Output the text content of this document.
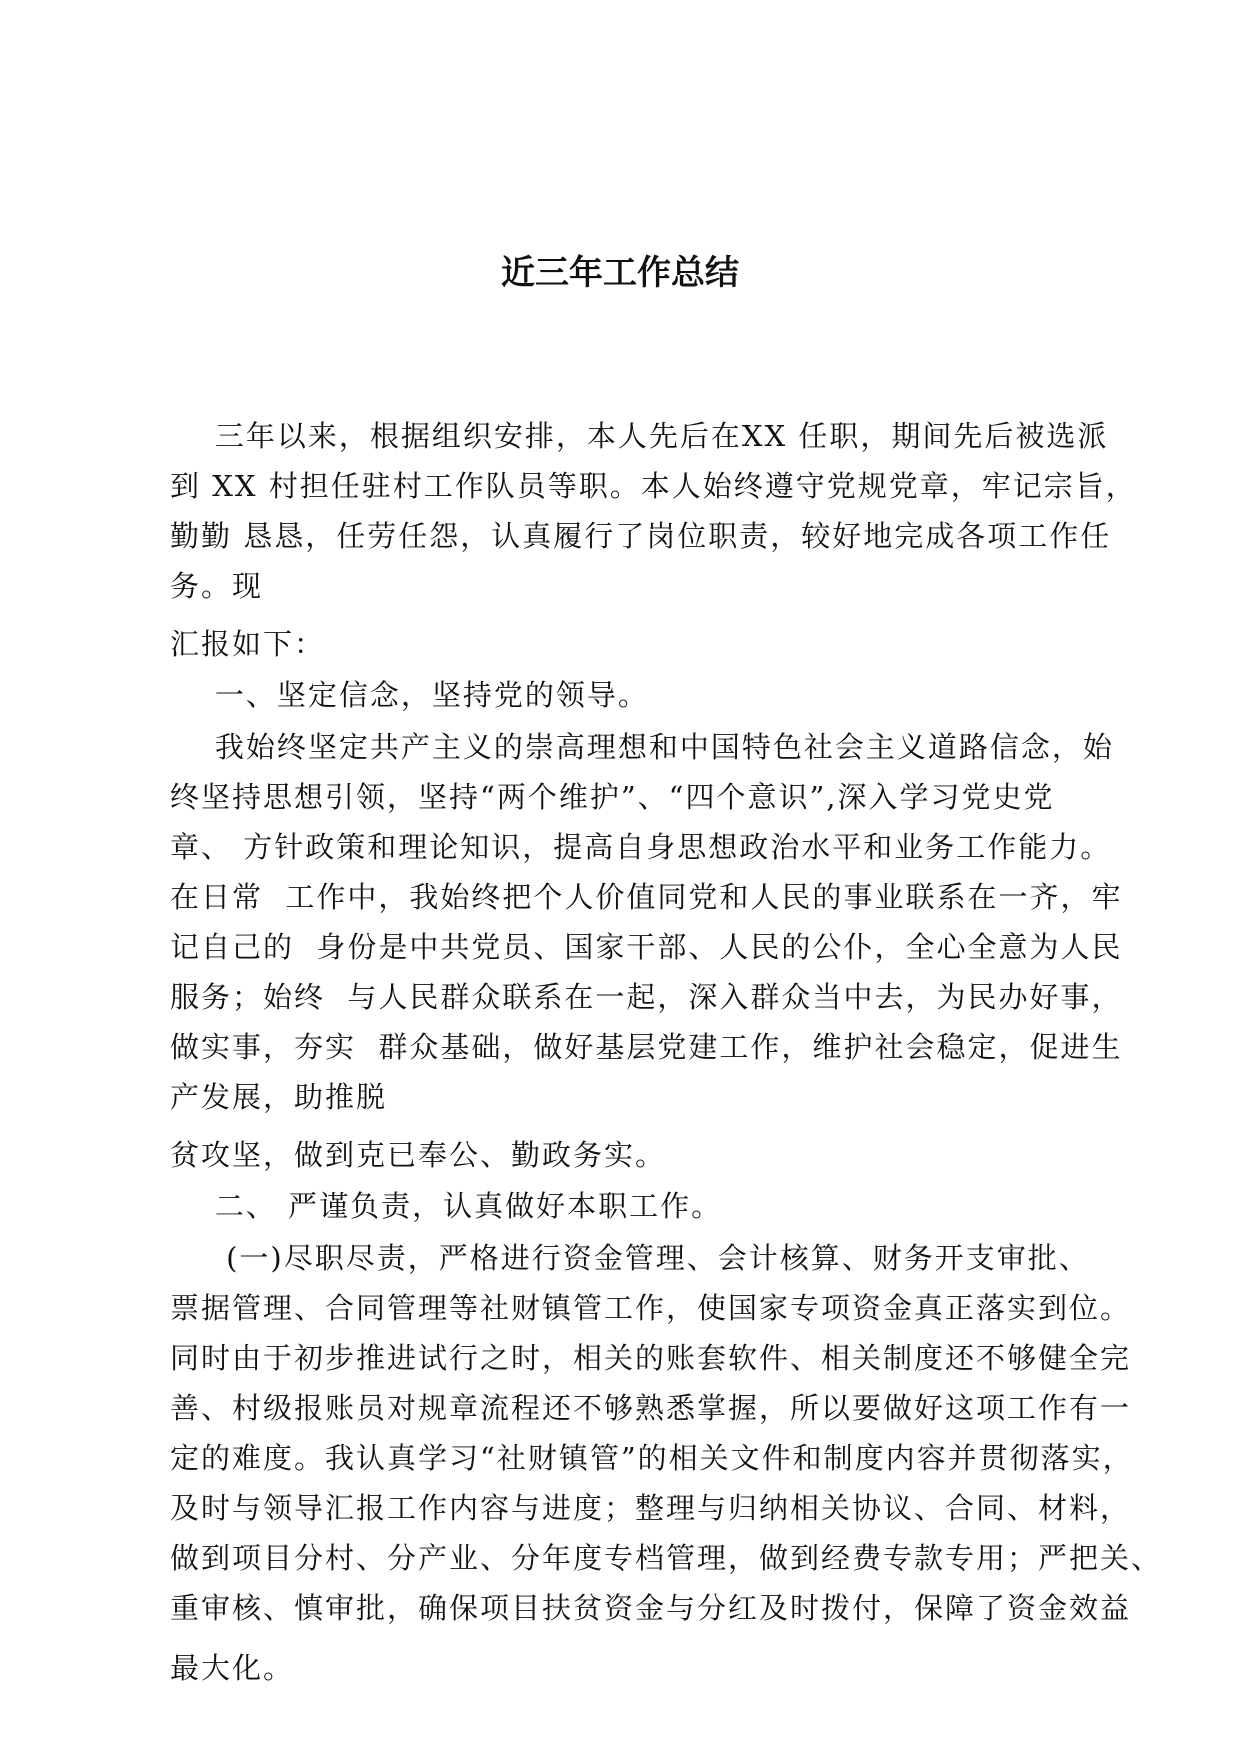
近三年工作总结
三年以来，根据组织安排，本人先后在XX 任职，期间先后被选派
到 XX 村担任驻村工作队员等职。本人始终遵守党规党章，牢记宗旨，
勤勤 恳恳，任劳任怨，认真履行了岗位职责，较好地完成各项工作任
务。现
汇报如下：
一、坚定信念，坚持党的领导。
我始终坚定共产主义的崇高理想和中国特色社会主义道路信念，始
终坚持思想引领，坚持“两个维护”、“四个意识”,深入学习党史党
章、 方针政策和理论知识，提高自身思想政治水平和业务工作能力。
在日常  工作中，我始终把个人价值同党和人民的事业联系在一齐，牢
记自己的  身份是中共党员、国家干部、人民的公仆，全心全意为人民
服务；始终  与人民群众联系在一起，深入群众当中去，为民办好事，
做实事，夯实  群众基础，做好基层党建工作，维护社会稳定，促进生
产发展，助推脱
贫攻坚，做到克已奉公、勤政务实。
二、 严谨负责，认真做好本职工作。
(一)尽职尽责，严格进行资金管理、会计核算、财务开支审批、
票据管理、合同管理等社财镇管工作，使国家专项资金真正落实到位。
同时由于初步推进试行之时，相关的账套软件、相关制度还不够健全完
善、村级报账员对规章流程还不够熟悉掌握，所以要做好这项工作有一
定的难度。我认真学习“社财镇管”的相关文件和制度内容并贯彻落实，
及时与领导汇报工作内容与进度；整理与归纳相关协议、合同、材料，
做到项目分村、分产业、分年度专档管理，做到经费专款专用；严把关、
重审核、慎审批，确保项目扶贫资金与分红及时拨付，保障了资金效益
最大化。
